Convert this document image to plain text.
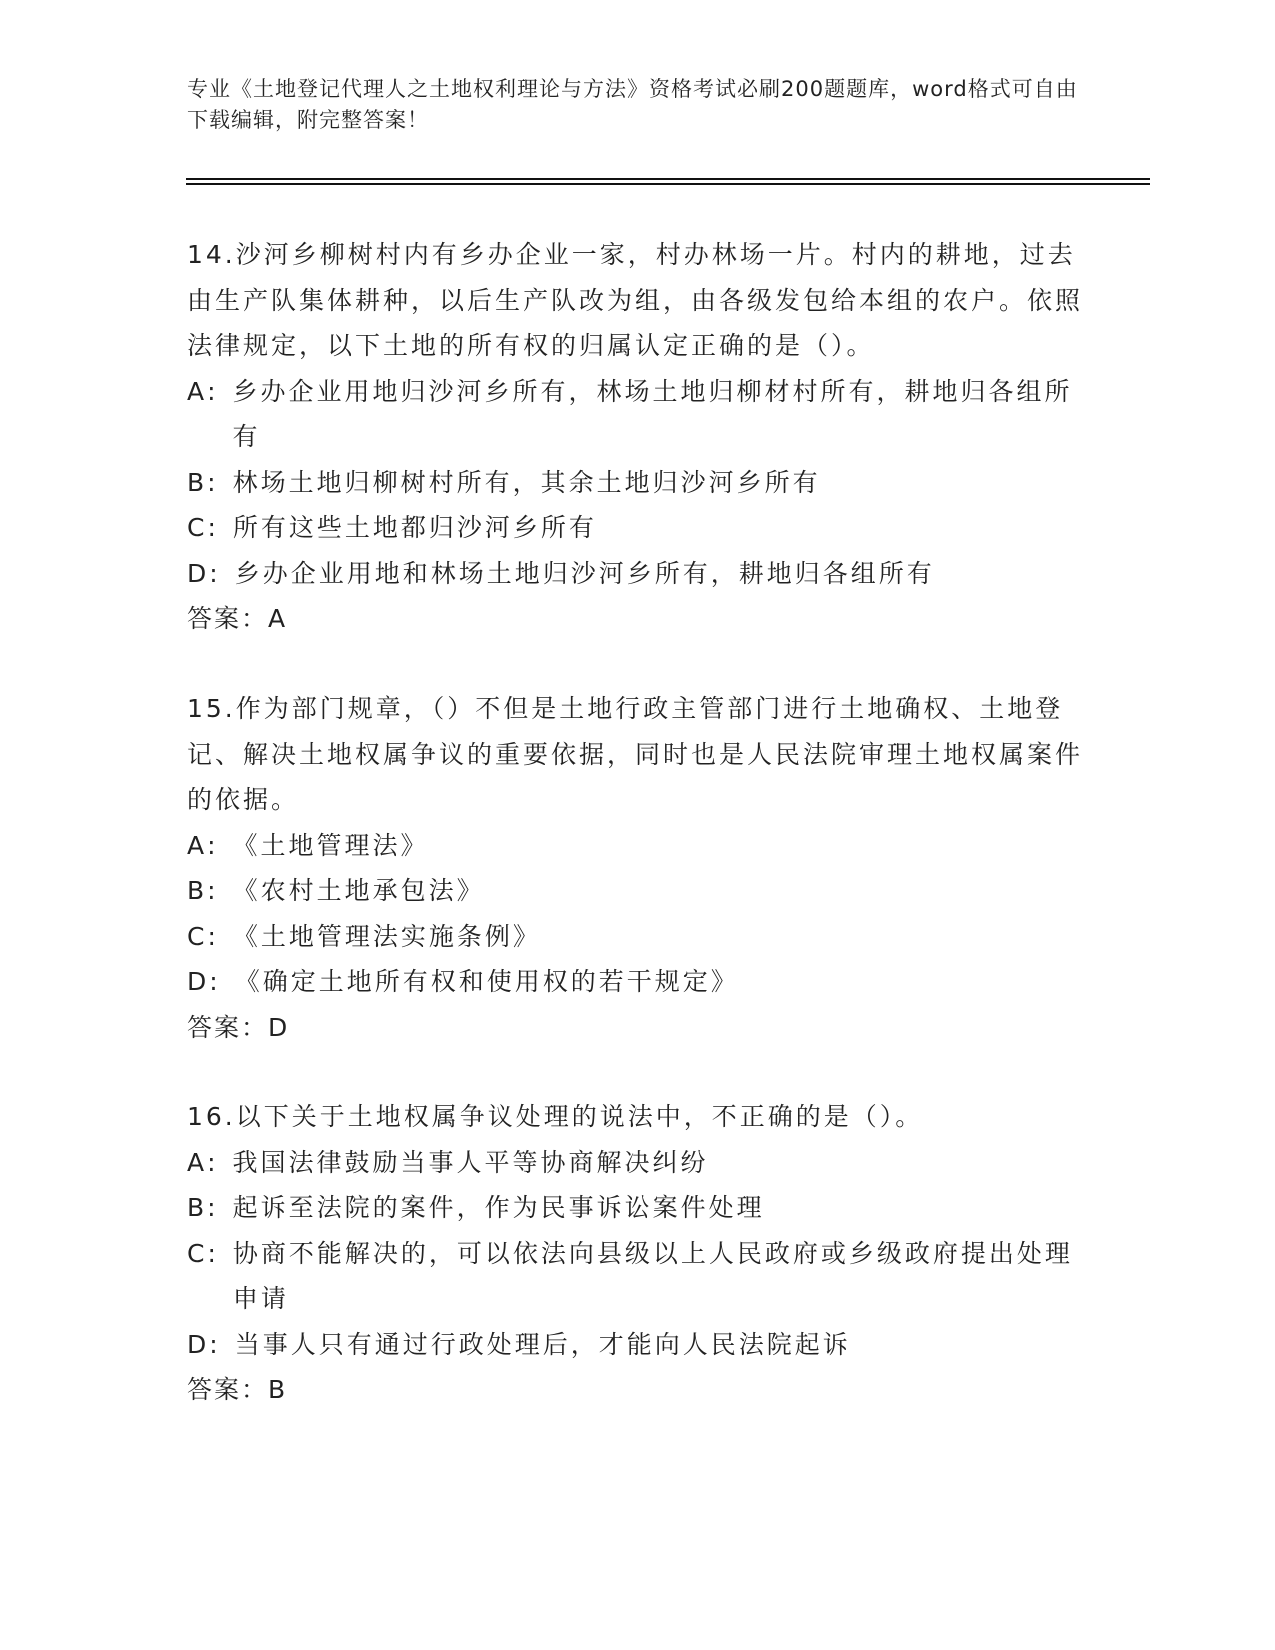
专业《土地登记代理人之土地权利理论与方法》资格考试必刷200题题库，word格式可自由下载编辑，附完整答案！

14.沙河乡柳树村内有乡办企业一家，村办林场一片。村内的耕地，过去由生产队集体耕种，以后生产队改为组，由各级发包给本组的农户。依照法律规定，以下土地的所有权的归属认定正确的是（）。

A : 乡办企业用地归沙河乡所有，林场土地归柳材村所有，耕地归各组所有
B : 林场土地归柳树村所有，其余土地归沙河乡所有
C : 所有这些土地都归沙河乡所有
D : 乡办企业用地和林场土地归沙河乡所有，耕地归各组所有

答案：A

15.作为部门规章，（）不但是土地行政主管部门进行土地确权、土地登记、解决土地权属争议的重要依据，同时也是人民法院审理土地权属案件的依据。

A : 《土地管理法》
B : 《农村土地承包法》
C : 《土地管理法实施条例》
D : 《确定土地所有权和使用权的若干规定》

答案：D

16.以下关于土地权属争议处理的说法中，不正确的是（）。

A : 我国法律鼓励当事人平等协商解决纠纷
B : 起诉至法院的案件，作为民事诉讼案件处理
C : 协商不能解决的，可以依法向县级以上人民政府或乡级政府提出处理申请
D : 当事人只有通过行政处理后，才能向人民法院起诉

答案：B
